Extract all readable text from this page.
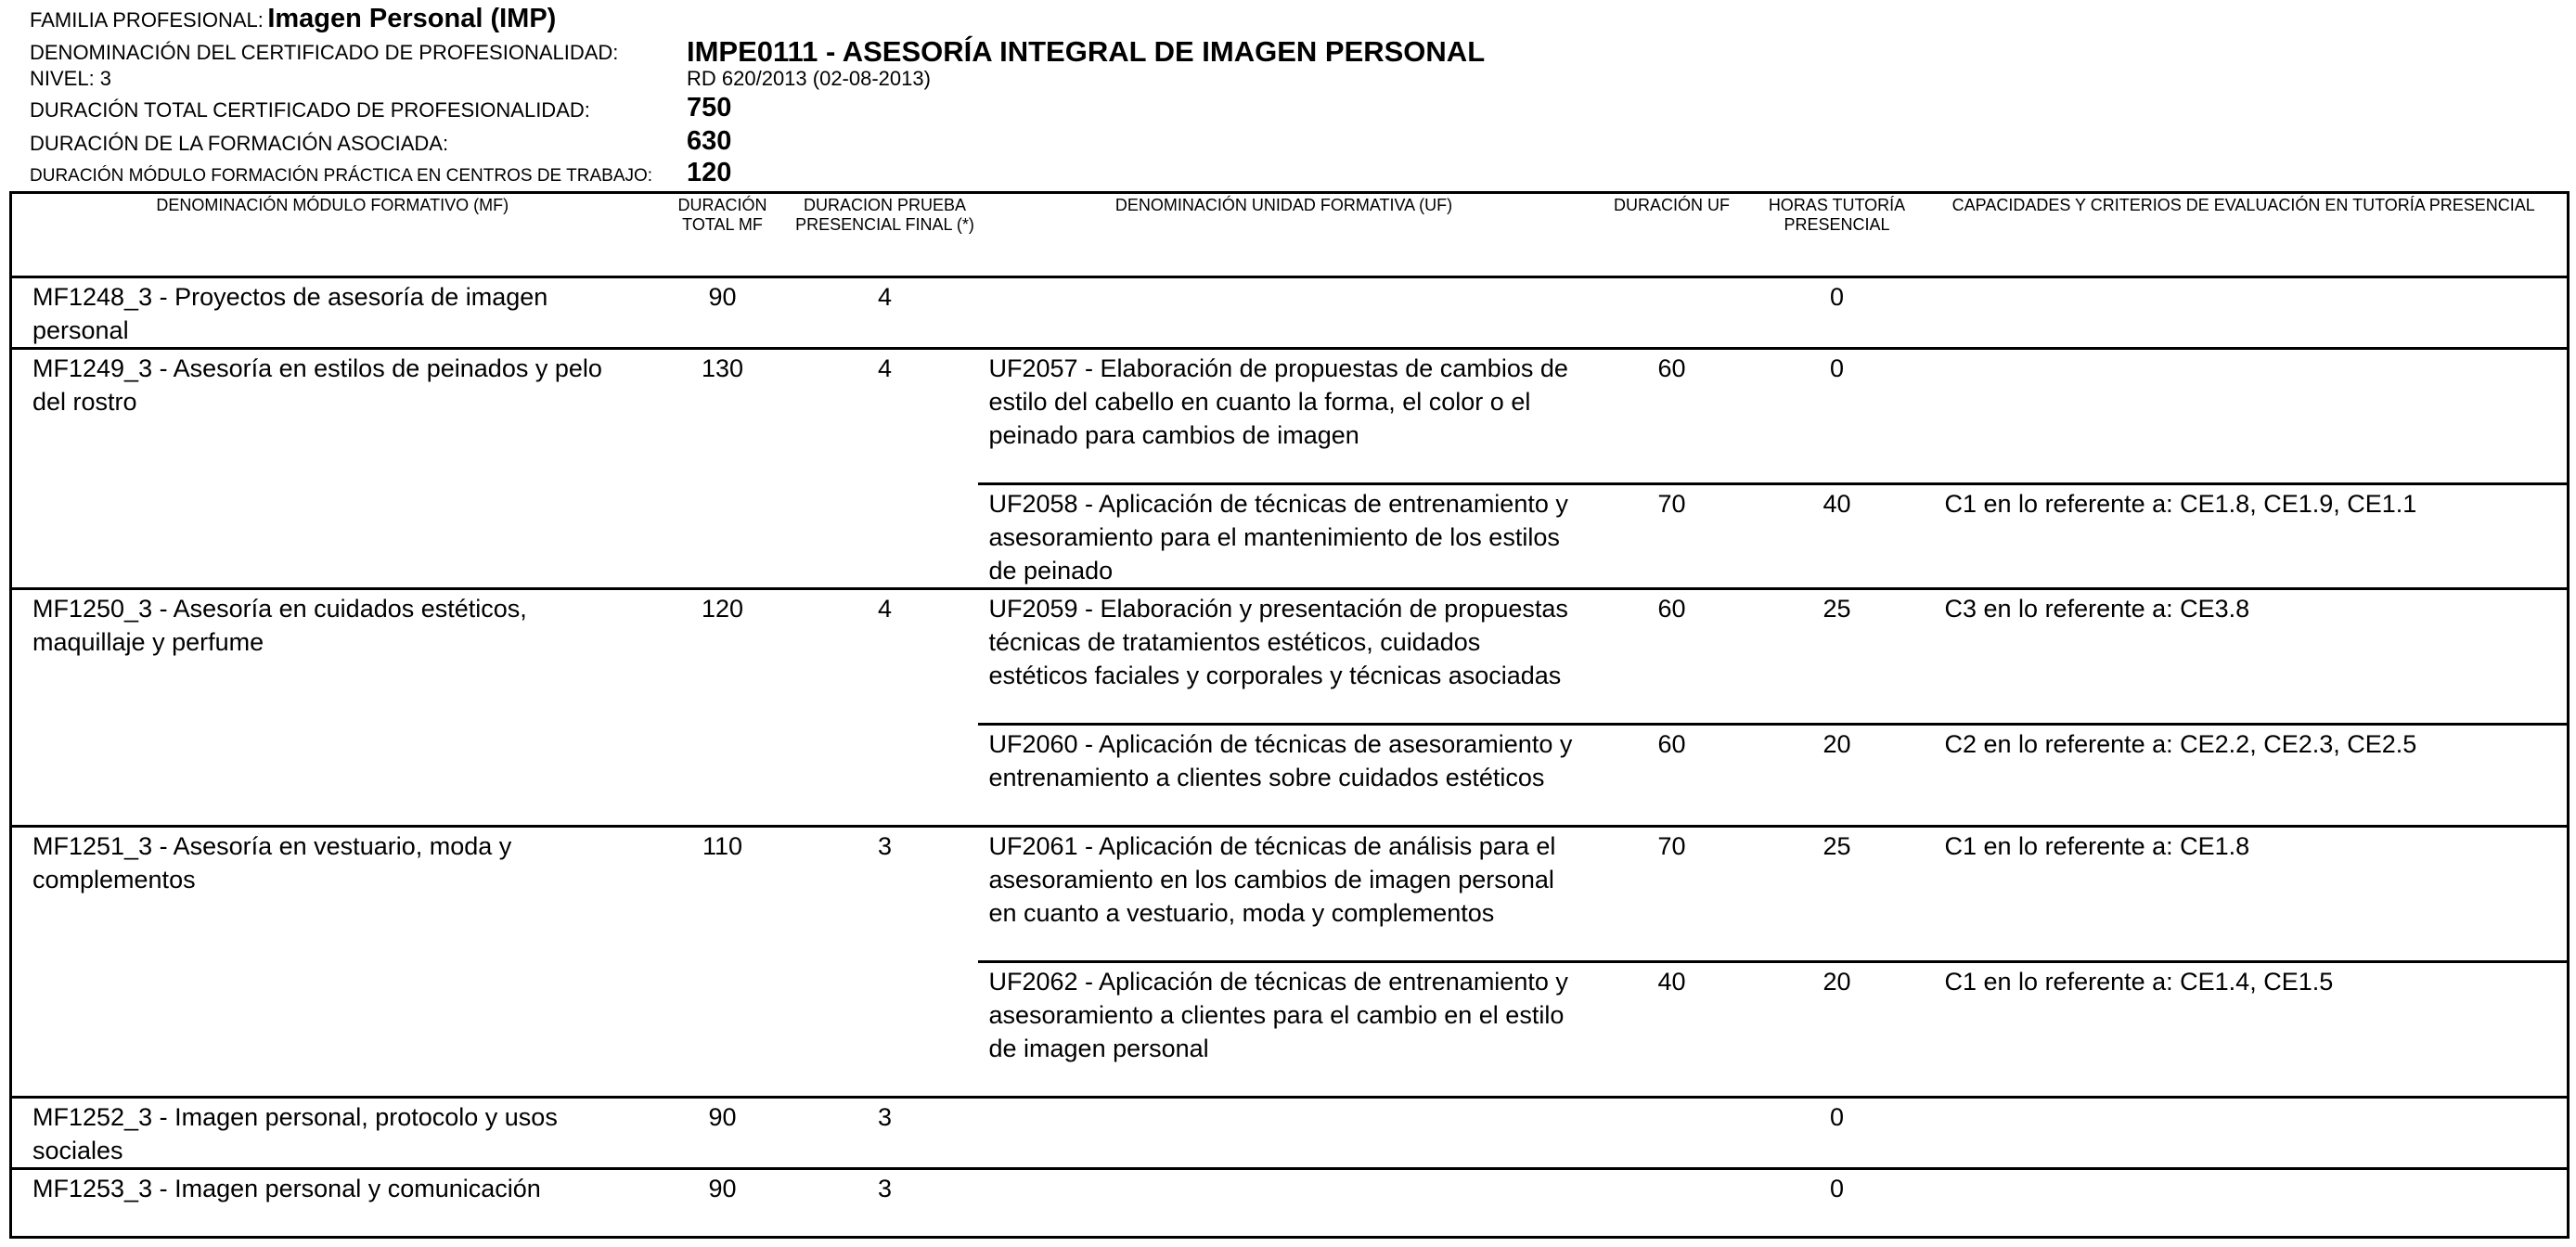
FAMILIA PROFESIONAL: Imagen Personal (IMP)
DENOMINACIÓN DEL CERTIFICADO DE PROFESIONALIDAD: IMPE0111 - ASESORÍA INTEGRAL DE IMAGEN PERSONAL
NIVEL: 3	RD 620/2013 (02-08-2013)
DURACIÓN TOTAL CERTIFICADO DE PROFESIONALIDAD:	750
DURACIÓN DE LA FORMACIÓN ASOCIADA:	630
DURACIÓN MÓDULO FORMACIÓN PRÁCTICA EN CENTROS DE TRABAJO: 120
DENOMINACIÓN MÓDULO FORMATIVO (MF)	DURACIÓN TOTAL MF	DURACION PRUEBA PRESENCIAL FINAL (*)	DENOMINACIÓN UNIDAD FORMATIVA (UF)	DURACIÓN UF	HORAS TUTORÍA PRESENCIAL	CAPACIDADES Y CRITERIOS DE EVALUACIÓN EN TUTORÍA PRESENCIAL
MF1248_3 - Proyectos de asesoría de imagen personal	90	4			0	
MF1249_3 - Asesoría en estilos de peinados y pelo del rostro	130	4	UF2057 - Elaboración de propuestas de cambios de estilo del cabello en cuanto la forma, el color o el peinado para cambios de imagen	60	0	
			UF2058 - Aplicación de técnicas de entrenamiento y asesoramiento para el mantenimiento de los estilos de peinado	70	40	C1 en lo referente a: CE1.8, CE1.9, CE1.1
MF1250_3 - Asesoría en cuidados estéticos, maquillaje y perfume	120	4	UF2059 - Elaboración y presentación de propuestas técnicas de tratamientos estéticos, cuidados estéticos faciales y corporales y técnicas asociadas	60	25	C3 en lo referente a: CE3.8
			UF2060 - Aplicación de técnicas de asesoramiento y entrenamiento a clientes sobre cuidados estéticos	60	20	C2 en lo referente a: CE2.2, CE2.3, CE2.5
MF1251_3 - Asesoría en vestuario, moda y complementos	110	3	UF2061 - Aplicación de técnicas de análisis para el asesoramiento en los cambios de imagen personal en cuanto a vestuario, moda y complementos	70	25	C1 en lo referente a: CE1.8
			UF2062 - Aplicación de técnicas de entrenamiento y asesoramiento a clientes para el cambio en el estilo de imagen personal	40	20	C1 en lo referente a: CE1.4, CE1.5
MF1252_3 - Imagen personal, protocolo y usos sociales	90	3			0	
MF1253_3 - Imagen personal y comunicación	90	3			0	
